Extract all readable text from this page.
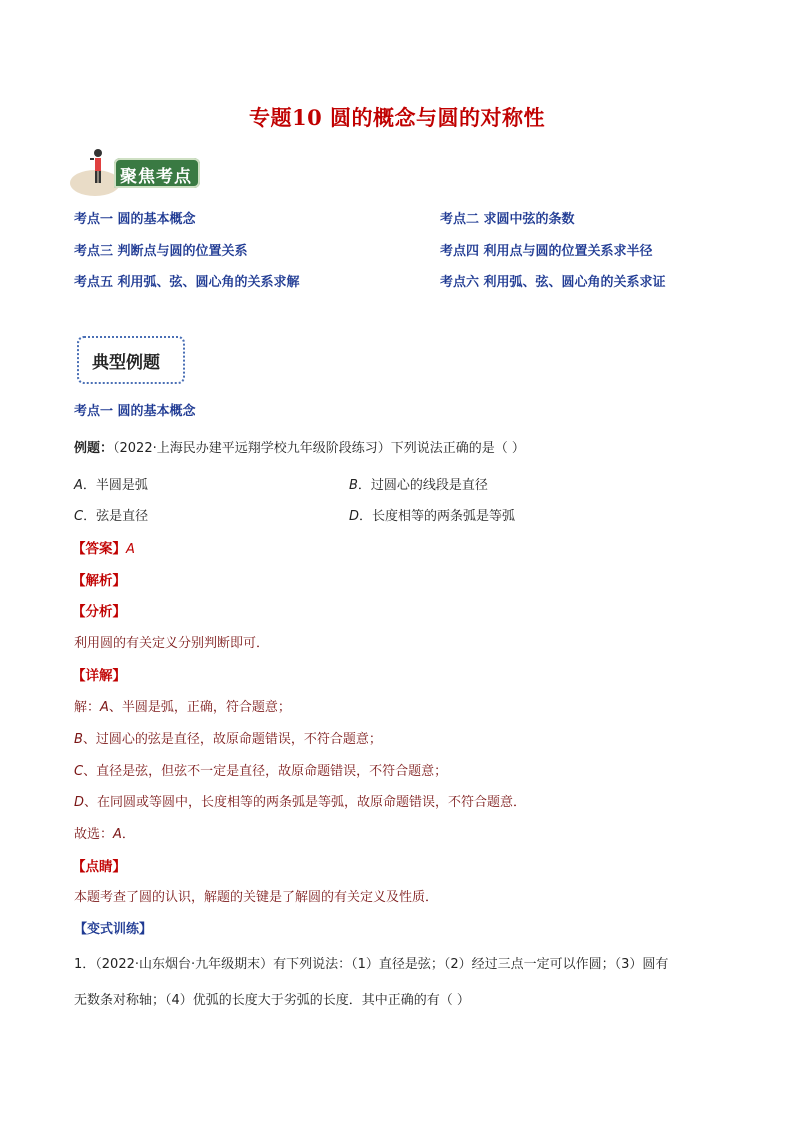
专题10 圆的概念与圆的对称性
聚焦考点
考点一 圆的基本概念	考点二 求圆中弦的条数
考点三 判断点与圆的位置关系	考点四 利用点与圆的位置关系求半径
考点五 利用弧、弦、圆心角的关系求解	考点六 利用弧、弦、圆心角的关系求证
典型例题
考点一 圆的基本概念
例题：（2022·上海民办建平远翔学校九年级阶段练习）下列说法正确的是（ ）
A．半圆是弧	B．过圆心的线段是直径
C．弦是直径	D．长度相等的两条弧是等弧
【答案】A
【解析】
【分析】
利用圆的有关定义分别判断即可．
【详解】
解：A、半圆是弧，正确，符合题意；
B、过圆心的弦是直径，故原命题错误，不符合题意；
C、直径是弦，但弦不一定是直径，故原命题错误，不符合题意；
D、在同圆或等圆中，长度相等的两条弧是等弧，故原命题错误，不符合题意．
故选：A．
【点睛】
本题考查了圆的认识，解题的关键是了解圆的有关定义及性质．
【变式训练】
1．（2022·山东烟台·九年级期末）有下列说法：（1）直径是弦；（2）经过三点一定可以作圆；（3）圆有
无数条对称轴；（4）优弧的长度大于劣弧的长度．其中正确的有（ ）
